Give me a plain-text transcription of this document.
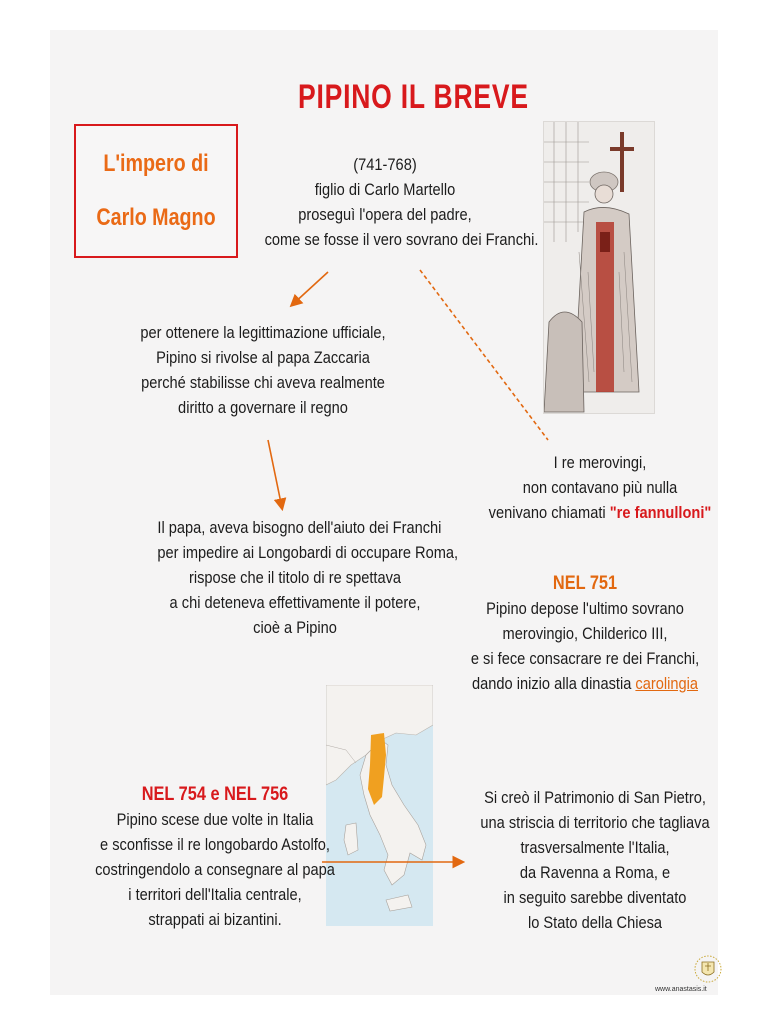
PIPINO IL BREVE
L'impero di
Carlo Magno
(741-768)
figlio di Carlo Martello
proseguì l'opera del padre,
come se fosse il vero sovrano dei Franchi.
per ottenere la legittimazione ufficiale,
Pipino si rivolse al papa Zaccaria
perché stabilisse chi aveva realmente
diritto a governare il regno
I re merovingi,
non contavano più nulla
venivano chiamati "re fannulloni"
Il papa, aveva bisogno dell'aiuto dei Franchi
per impedire ai Longobardi di occupare Roma,
rispose che il titolo di re spettava
a chi deteneva effettivamente il potere,
cioè a Pipino
NEL 751
Pipino depose l'ultimo sovrano
merovingio, Childerico III,
e si fece consacrare re dei Franchi,
dando inizio alla dinastia carolingia
NEL 754 e NEL 756
Pipino scese due volte in Italia
e sconfisse il re longobardo Astolfo,
costringendolo a consegnare al papa
i territori dell'Italia centrale,
strappati ai bizantini.
Si creò il Patrimonio di San Pietro,
una striscia di territorio che tagliava
trasversalmente l'Italia,
da Ravenna a Roma, e
in seguito sarebbe diventato
lo Stato della Chiesa
www.anastasis.it
